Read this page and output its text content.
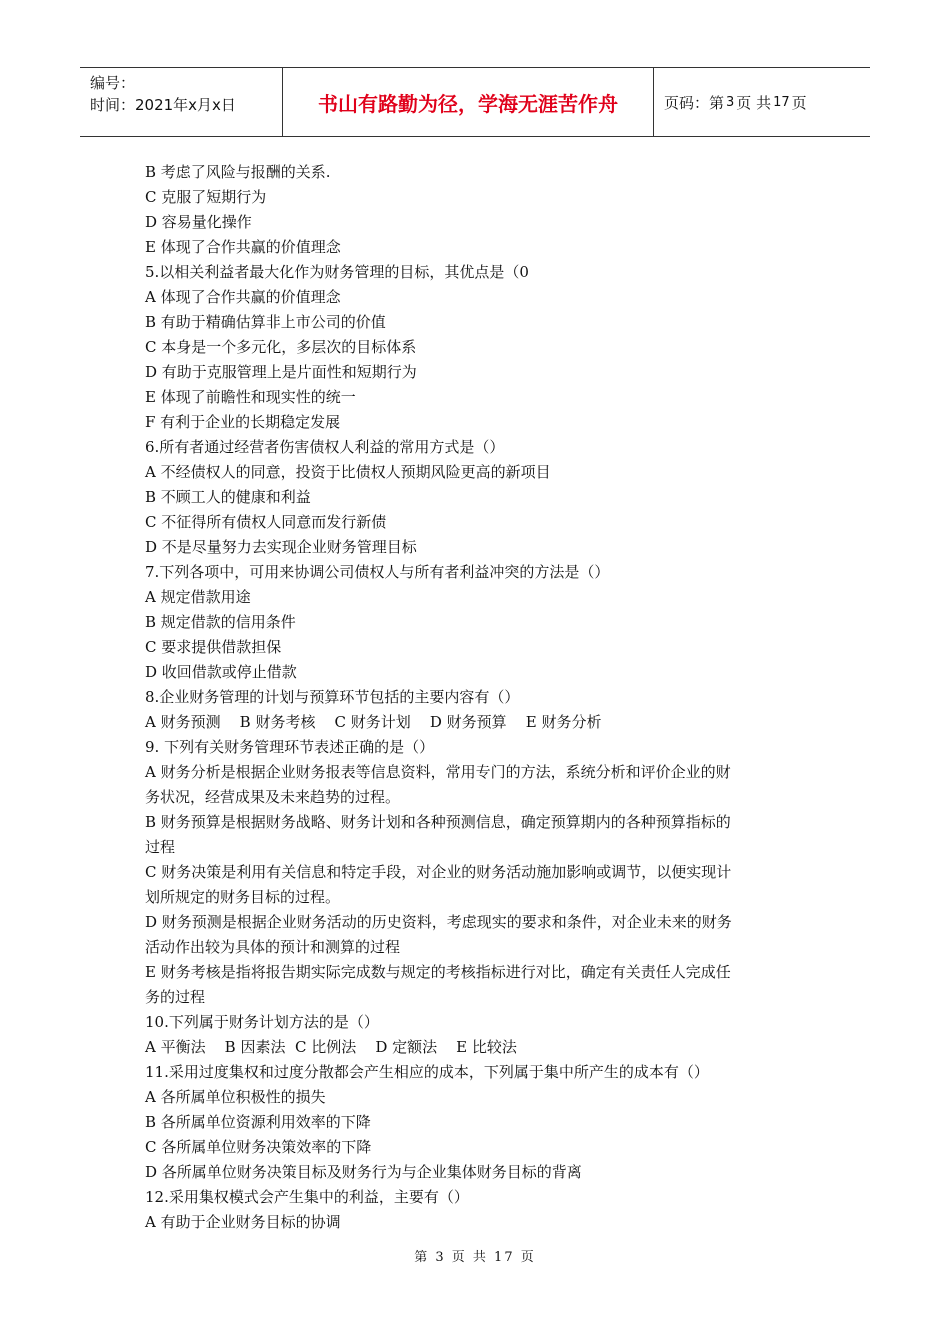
编号：
时间：2021年x月x日	书山有路勤为径，学海无涯苦作舟	页码：第 3 页 共 17 页

B 考虑了风险与报酬的关系.

C 克服了短期行为

D 容易量化操作

E 体现了合作共赢的价值理念

5.以相关利益者最大化作为财务管理的目标，其优点是（0

A 体现了合作共赢的价值理念

B 有助于精确估算非上市公司的价值

C 本身是一个多元化，多层次的目标体系

D 有助于克服管理上是片面性和短期行为

E 体现了前瞻性和现实性的统一

F 有利于企业的长期稳定发展

6.所有者通过经营者伤害债权人利益的常用方式是（）

A 不经债权人的同意，投资于比债权人预期风险更高的新项目

B 不顾工人的健康和利益

C 不征得所有债权人同意而发行新债

D 不是尽量努力去实现企业财务管理目标

7.下列各项中，可用来协调公司债权人与所有者利益冲突的方法是（）

A 规定借款用途

B 规定借款的信用条件

C 要求提供借款担保

D 收回借款或停止借款

8.企业财务管理的计划与预算环节包括的主要内容有（）

A 财务预测    B 财务考核    C 财务计划    D 财务预算    E 财务分析

9. 下列有关财务管理环节表述正确的是（）

A 财务分析是根据企业财务报表等信息资料，常用专门的方法，系统分析和评价企业的财

务状况，经营成果及未来趋势的过程。

B 财务预算是根据财务战略、财务计划和各种预测信息，确定预算期内的各种预算指标的

过程

C 财务决策是利用有关信息和特定手段，对企业的财务活动施加影响或调节，以便实现计

划所规定的财务目标的过程。

D 财务预测是根据企业财务活动的历史资料，考虑现实的要求和条件，对企业未来的财务

活动作出较为具体的预计和测算的过程

E 财务考核是指将报告期实际完成数与规定的考核指标进行对比，确定有关责任人完成任

务的过程

10.下列属于财务计划方法的是（）

A 平衡法    B 因素法  C 比例法    D 定额法    E 比较法

11.采用过度集权和过度分散都会产生相应的成本，下列属于集中所产生的成本有（）

A 各所属单位积极性的损失

B 各所属单位资源利用效率的下降

C 各所属单位财务决策效率的下降

D 各所属单位财务决策目标及财务行为与企业集体财务目标的背离

12.采用集权模式会产生集中的利益，主要有（）

A 有助于企业财务目标的协调

第 3 页 共 17 页
